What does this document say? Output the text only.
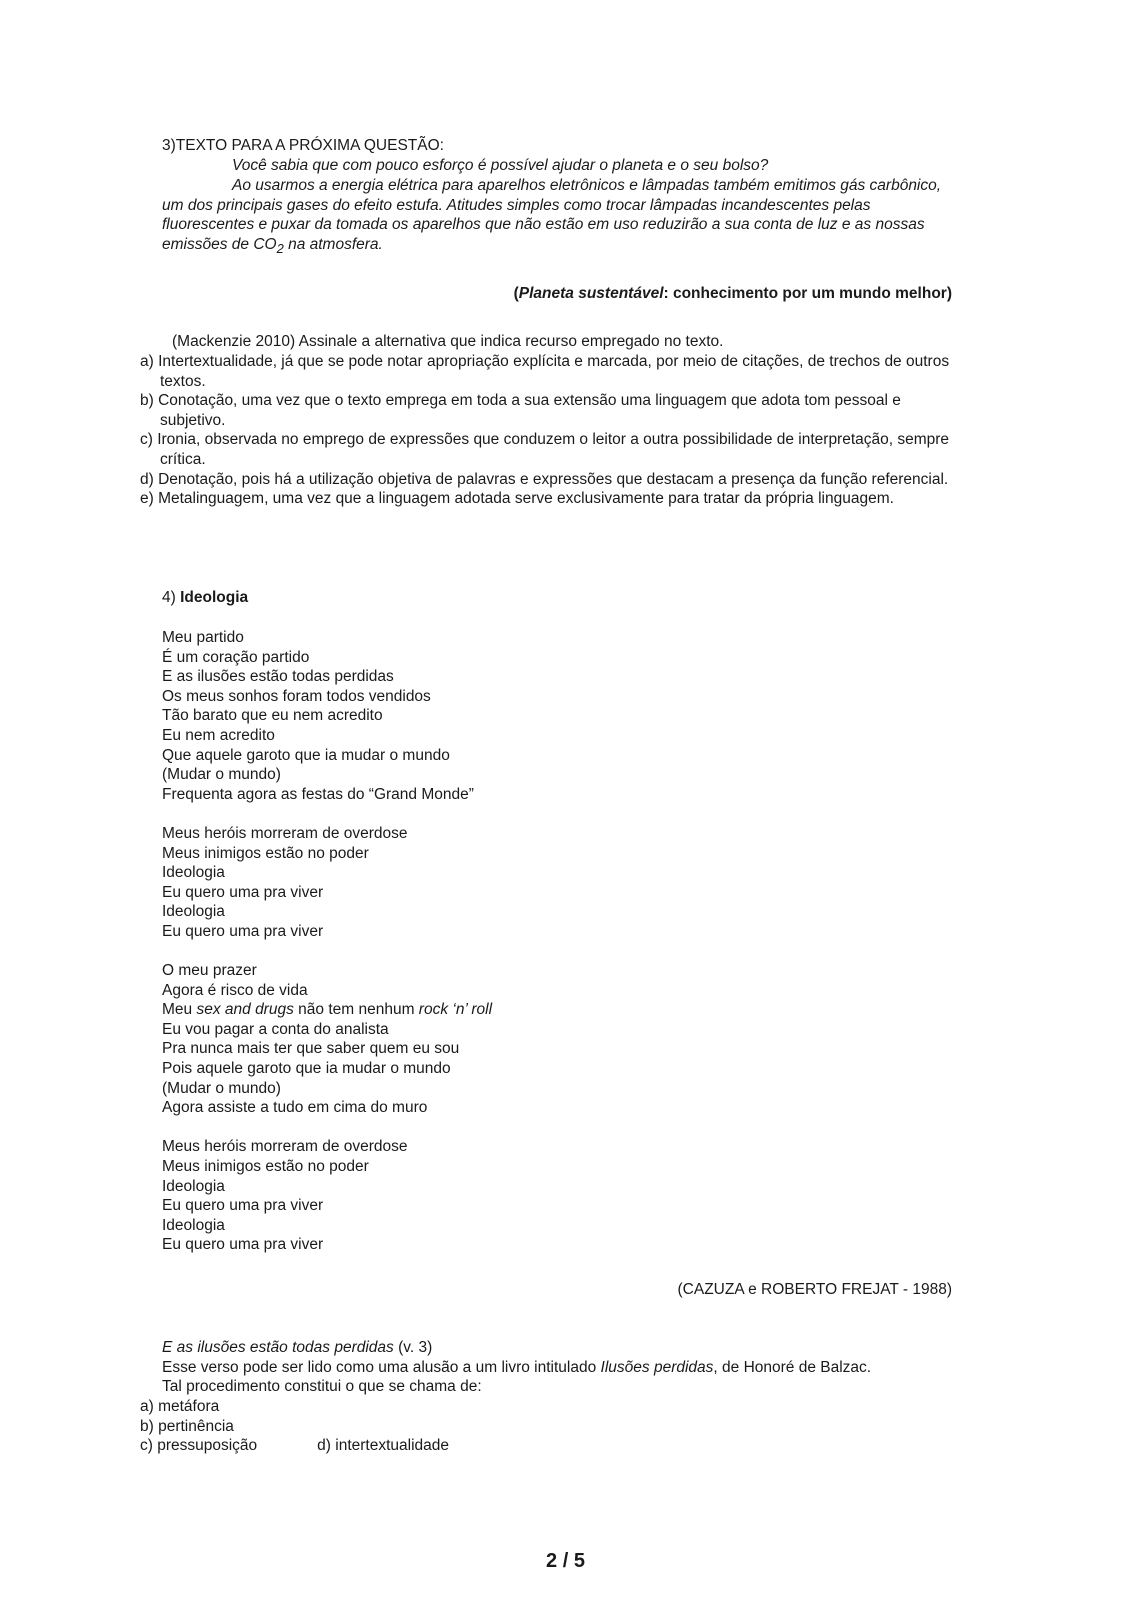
3)TEXTO PARA A PRÓXIMA QUESTÃO:
Você sabia que com pouco esforço é possível ajudar o planeta e o seu bolso?
Ao usarmos a energia elétrica para aparelhos eletrônicos e lâmpadas também emitimos gás carbônico, um dos principais gases do efeito estufa. Atitudes simples como trocar lâmpadas incandescentes pelas fluorescentes e puxar da tomada os aparelhos que não estão em uso reduzirão a sua conta de luz e as nossas emissões de $CO_2$ na atmosfera.
(Planeta sustentável: conhecimento por um mundo melhor)
(Mackenzie 2010) Assinale a alternativa que indica recurso empregado no texto.
a) Intertextualidade, já que se pode notar apropriação explícita e marcada, por meio de citações, de trechos de outros textos.
b) Conotação, uma vez que o texto emprega em toda a sua extensão uma linguagem que adota tom pessoal e subjetivo.
c) Ironia, observada no emprego de expressões que conduzem o leitor a outra possibilidade de interpretação, sempre crítica.
d) Denotação, pois há a utilização objetiva de palavras e expressões que destacam a presença da função referencial.
e) Metalinguagem, uma vez que a linguagem adotada serve exclusivamente para tratar da própria linguagem.
4) Ideologia
Meu partido
É um coração partido
E as ilusões estão todas perdidas
Os meus sonhos foram todos vendidos
Tão barato que eu nem acredito
Eu nem acredito
Que aquele garoto que ia mudar o mundo
(Mudar o mundo)
Frequenta agora as festas do “Grand Monde”
Meus heróis morreram de overdose
Meus inimigos estão no poder
Ideologia
Eu quero uma pra viver
Ideologia
Eu quero uma pra viver
O meu prazer
Agora é risco de vida
Meu sex and drugs não tem nenhum rock ‘n’ roll
Eu vou pagar a conta do analista
Pra nunca mais ter que saber quem eu sou
Pois aquele garoto que ia mudar o mundo
(Mudar o mundo)
Agora assiste a tudo em cima do muro
Meus heróis morreram de overdose
Meus inimigos estão no poder
Ideologia
Eu quero uma pra viver
Ideologia
Eu quero uma pra viver
(CAZUZA e ROBERTO FREJAT - 1988)
E as ilusões estão todas perdidas (v. 3)
Esse verso pode ser lido como uma alusão a um livro intitulado Ilusões perdidas, de Honoré de Balzac.
Tal procedimento constitui o que se chama de:
a) metáfora
b) pertinência
c) pressuposição	d) intertextualidade
2 / 5
